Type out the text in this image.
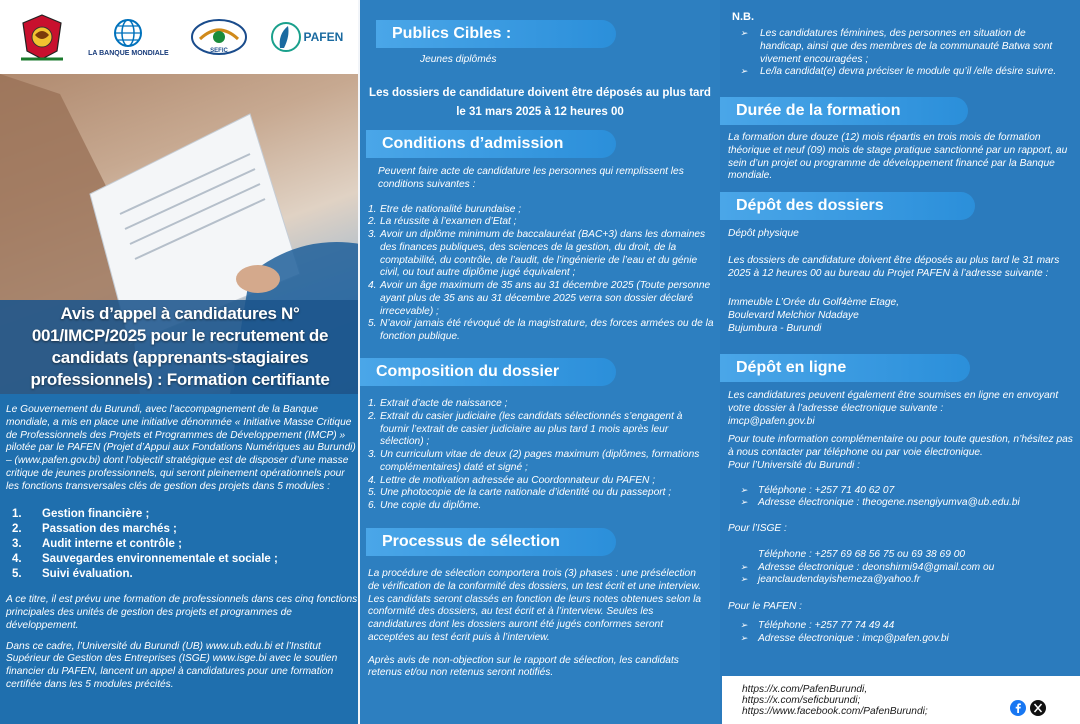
LA BANQUE MONDIALE	SEFIC
PAFEN
Avis d’appel à candidatures N° 001/IMCP/2025 pour le recrutement de candidats (apprenants-stagiaires professionnels) : Formation certifiante

Le Gouvernement du Burundi, avec l’accompagnement de la Banque mondiale, a mis en place une initiative dénommée « Initiative Masse Critique de Professionnels des Projets et Programmes de Développement (IMCP) » pilotée par le PAFEN (Projet d’Appui aux Fondations Numériques au Burundi) – (www.pafen.gov.bi) dont l’objectif stratégique est de disposer d’une masse critique de jeunes professionnels, qui seront pleinement opérationnels pour les fonctions transversales clés de gestion des projets dans 5 modules :

1.	Gestion financière ;
2.	Passation des marchés ;
3.	Audit interne et contrôle ;
4.	Sauvegardes environnementale et sociale ;
5.	Suivi évaluation.

A ce titre, il est prévu une formation de professionnels dans ces cinq fonctions principales des unités de gestion des projets et programmes de développement.

Dans ce cadre, l’Université du Burundi (UB) www.ub.edu.bi et l’Institut Supérieur de Gestion des Entreprises (ISGE) www.isge.bi avec le soutien financier du PAFEN, lancent un appel à candidatures pour une formation certifiée dans les 5 modules précités.

Publics Cibles :

Jeunes diplômés

Les dossiers de candidature doivent être déposés au plus tard le 31 mars 2025 à 12 heures 00

Conditions d’admission

Peuvent faire acte de candidature les personnes qui remplissent les conditions suivantes :

1. Etre de nationalité burundaise ;
2. La réussite à l’examen d’Etat ;
3. Avoir un diplôme minimum de baccalauréat (BAC+3) dans les domaines des finances publiques, des sciences de la gestion, du droit, de la comptabilité, du contrôle, de l’audit, de l’ingénierie de l’eau et du génie civil, ou tout autre diplôme jugé équivalent ;
4. Avoir un âge maximum de 35 ans au 31 décembre 2025 (Toute personne ayant plus de 35 ans au 31 décembre 2025 verra son dossier déclaré irrecevable) ;
5. N’avoir jamais été révoqué de la magistrature, des forces armées ou de la fonction publique.
Composition du dossier
1. Extrait d’acte de naissance ;
2. Extrait du casier judiciaire (les candidats sélectionnés s’engagent à fournir l’extrait de casier judiciaire au plus tard 1 mois après leur sélection) ;
3. Un curriculum vitae de deux (2) pages maximum (diplômes, formations complémentaires) daté et signé ;
4. Lettre de motivation adressée au Coordonnateur du PAFEN ;
5. Une photocopie de la carte nationale d’identité ou du passeport ;
6. Une copie du diplôme.
Processus de sélection

La procédure de sélection comportera trois (3) phases : une présélection de vérification de la conformité des dossiers, un test écrit et une interview. Les candidats seront classés en fonction de leurs notes obtenues selon la conformité des dossiers, au test écrit et à l’interview. Seules les candidatures dont les dossiers auront été jugés conformes seront acceptées au test écrit puis à l’interview.

Après avis de non-objection sur le rapport de sélection, les candidats retenus et/ou non retenus seront notifiés.

N.B.

➢	Les candidatures féminines, des personnes en situation de handicap, ainsi que des membres de la communauté Batwa sont vivement encouragées ;
➢	Le/la candidat(e) devra préciser le module qu’il /elle désire suivre.
Durée de la formation

La formation dure douze (12) mois répartis en trois mois de formation théorique et neuf (09) mois de stage pratique sanctionné par un rapport, au sein d’un projet ou programme de développement financé par la Banque mondiale.

Dépôt des dossiers

Dépôt physique

Les dossiers de candidature doivent être déposés au plus tard le 31 mars 2025 à 12 heures 00 au bureau du Projet PAFEN à l’adresse suivante :

Immeuble L’Orée du Golf4ème Etage,

Boulevard Melchior Ndadaye

Bujumbura - Burundi

Dépôt en ligne

Les candidatures peuvent également être soumises en ligne en envoyant votre dossier à l’adresse électronique suivante :

imcp@pafen.gov.bi

Pour toute information complémentaire ou pour toute question, n’hésitez pas à nous contacter par téléphone ou par voie électronique.

Pour l’Université du Burundi :

➢	Téléphone : +257 71 40 62 07
➢	Adresse électronique : theogene.nsengiyumva@ub.edu.bi

Pour l’ISGE :

Téléphone : +257 69 68 56 75 ou 69 38 69 00

➢	Adresse électronique : deonshirmi94@gmail.com ou
➢	jeanclaudendayishemeza@yahoo.fr

Pour le PAFEN :

➢	Téléphone : +257 77 74 49 44
➢	Adresse électronique : imcp@pafen.gov.bi

https://x.com/PafenBurundi,

https://x.com/seficburundi;

https://www.facebook.com/PafenBurundi;
